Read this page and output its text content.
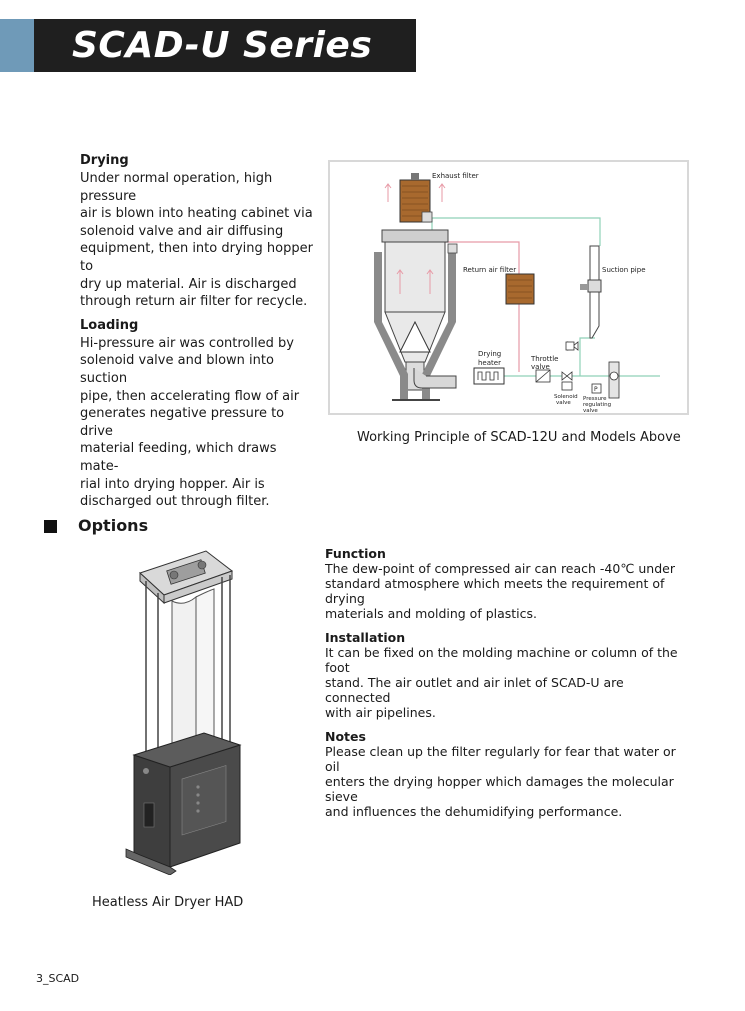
SCAD-U Series

Drying

Under normal operation, high pressure

air is blown into heating cabinet via

solenoid valve and air diffusing

equipment, then into drying hopper to

dry up material. Air is discharged

through return air filter for recycle.

Loading

Hi-pressure air was controlled by

solenoid valve and blown into suction

pipe, then accelerating flow of air

generates negative pressure to drive

material feeding, which draws mate-

rial into drying hopper. Air is

discharged out through filter.

Exhaust filter
Return air filter
Drying
heater	Throttle
valve
Solenoid
valve
P
Pressure
regulating
valve
Suction pipe
Working Principle of SCAD-12U and Models Above
Options
Heatless Air Dryer HAD

Function

The dew-point of compressed air can reach -40℃ under

standard atmosphere which meets the requirement of drying

materials and molding of plastics.

Installation

It can be fixed on the molding machine or column of the foot

stand. The air outlet and air inlet of SCAD-U are connected

with air pipelines.

Notes

Please clean up the filter regularly for fear that water or oil

enters the drying hopper which damages the molecular sieve

and influences the dehumidifying performance.

3_SCAD
